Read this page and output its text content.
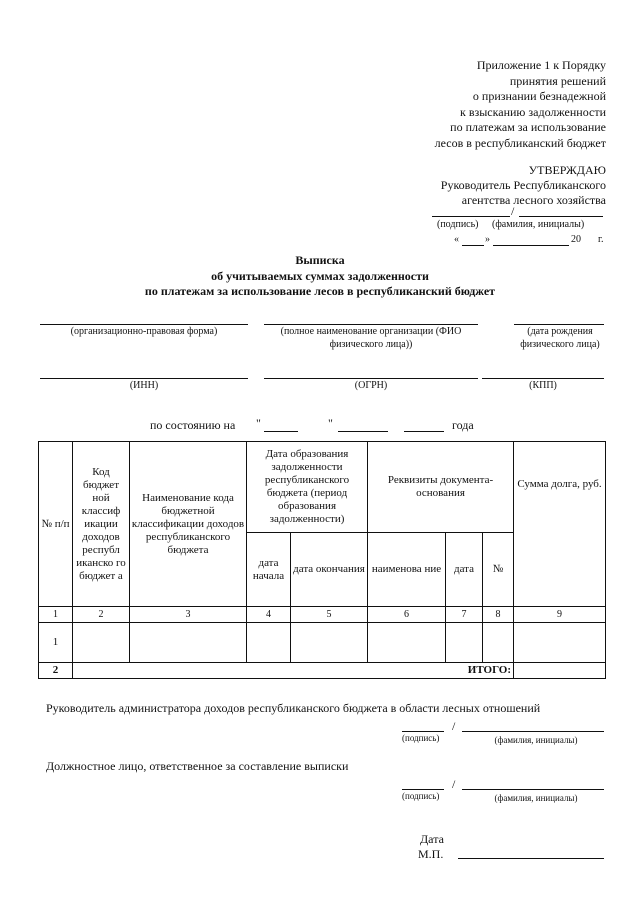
Приложение 1 к Порядку
принятия решений
о признании безнадежной
к взысканию задолженности
по платежам за использование
лесов в республиканский бюджет
УТВЕРЖДАЮ
Руководитель Республиканского
агентства лесного хозяйства
/
(подпись) (фамилия, инициалы)
«	»	20 г.
Выписка
об учитываемых суммах задолженности
по платежам за использование лесов в республиканский бюджет
(организационно-правовая форма)	(полное наименование организации (ФИО физического лица))
(дата рождения физического лица)
(ИНН)	(ОГРН)	(КПП)
по состоянию на "	"	года
№ п/п	Код бюджет ной классиф икации доходов республ иканско го бюджет а	Наименование кода бюджетной классификации доходов республиканского бюджета	Дата образования задолженности республиканского бюджета (период образования задолженности)		Реквизиты документа-основания			Сумма долга, руб.
			дата начала	дата окончания	наименова ние	дата	№	
1	2	3	4	5	6	7	8	9
1								
2	ИТОГО:							
Руководитель администратора доходов республиканского бюджета в области лесных отношений
/
(подпись)	(фамилия, инициалы)
Должностное лицо, ответственное за составление выписки
/
(подпись)	(фамилия, инициалы)
Дата
М.П.
